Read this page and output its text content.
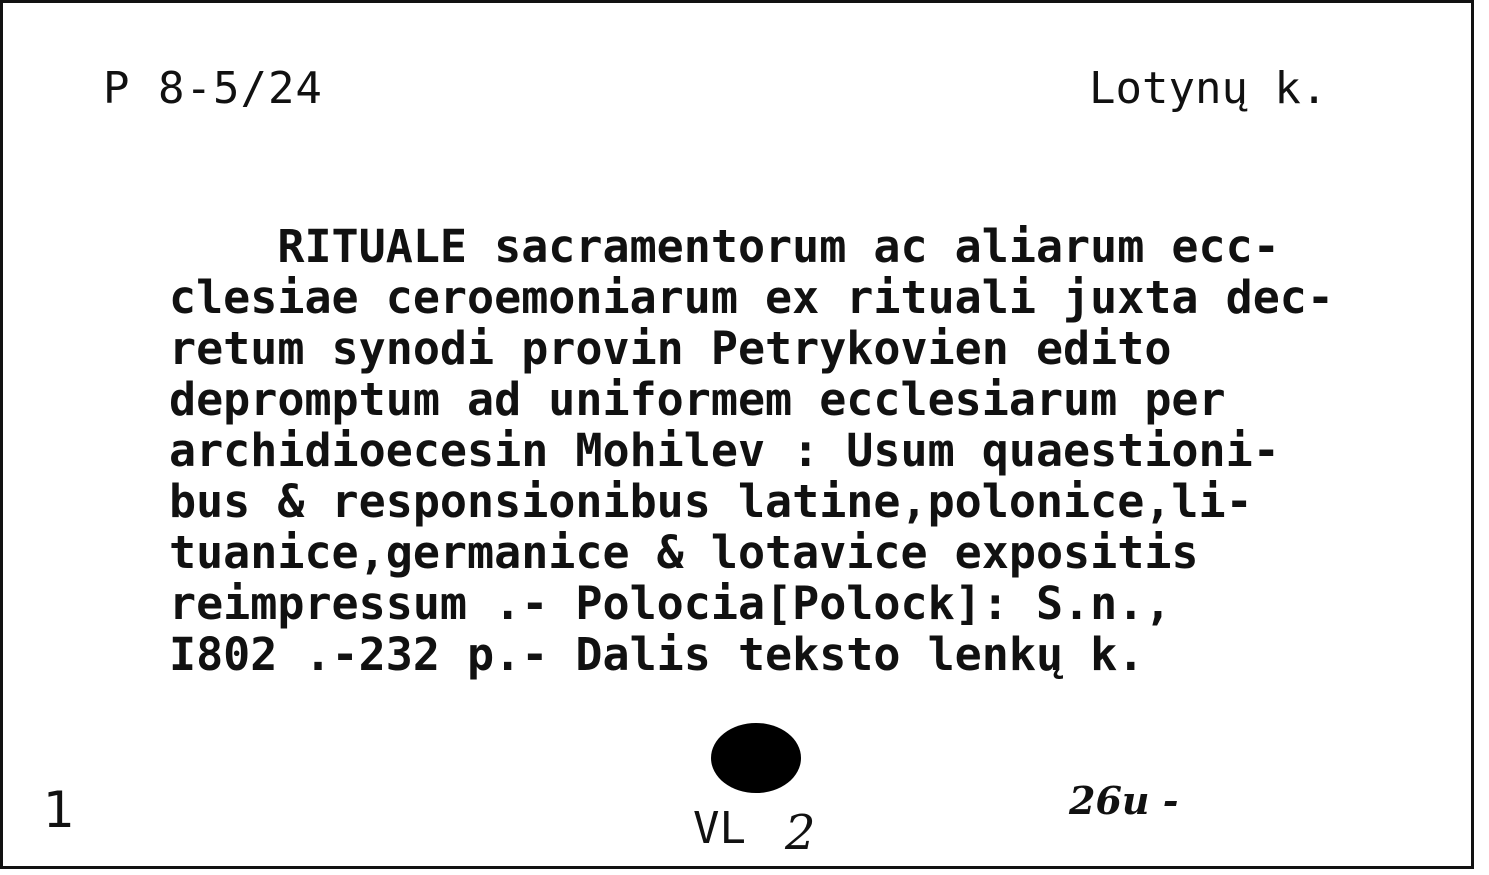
P 8-5/24	Lotynų k.
RITUALE sacramentorum ac aliarum ecc-
clesiae ceroemoniarum ex rituali juxta dec-
retum synodi provin Petrykovien edito
depromptum ad uniformem ecclesiarum per
archidioecesin Mohilev : Usum quaestioni-
bus & responsionibus latine,polonice,li-
tuanice,germanice & lotavice expositis
reimpressum .- Polocia[Polock]: S.n.,
I802 .-232 p.- Dalis teksto lenkų k.
1	VL 2
26u -
